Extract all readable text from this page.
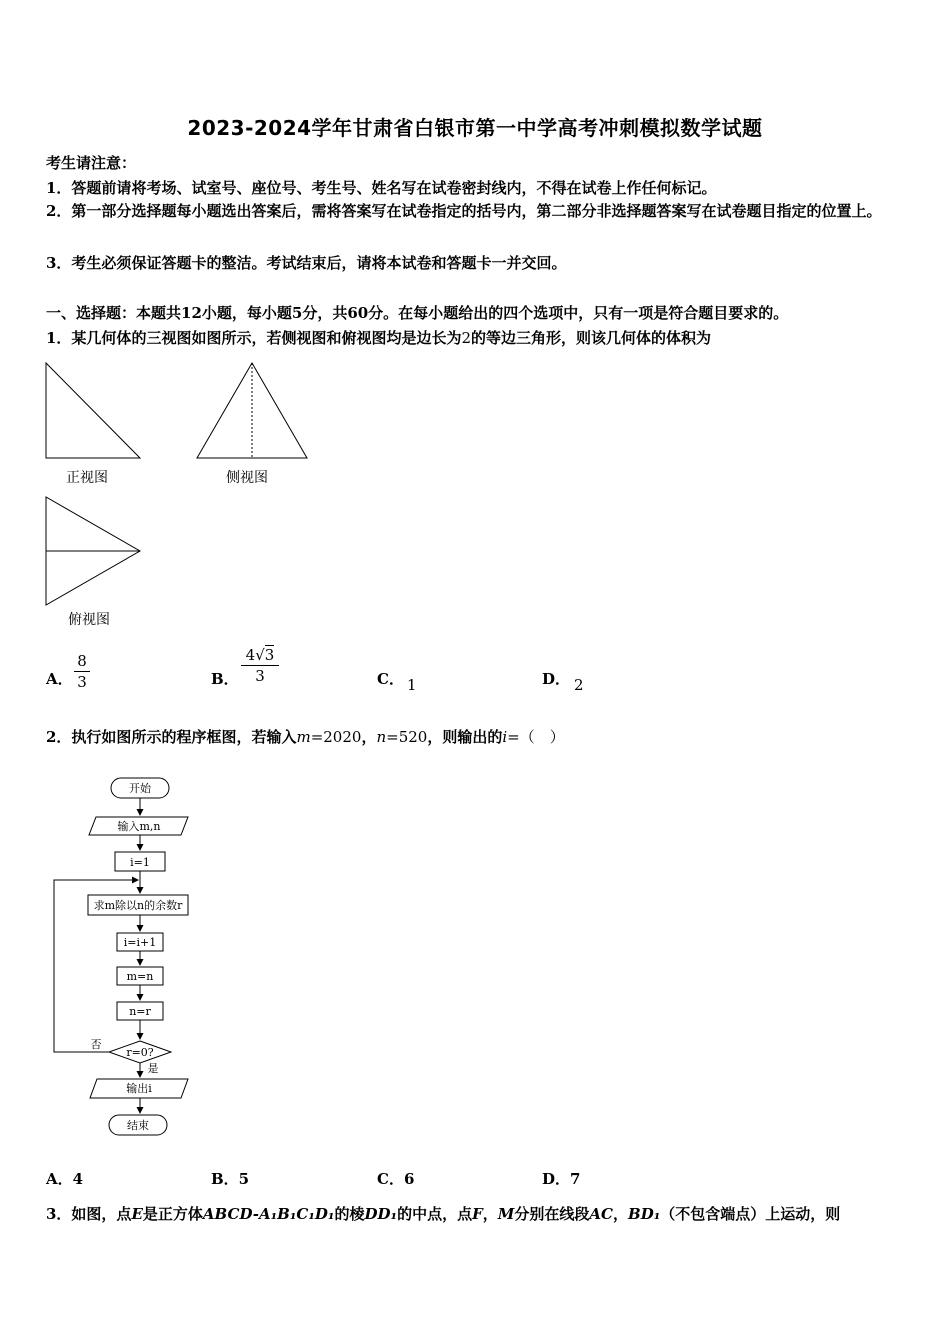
2023-2024学年甘肃省白银市第一中学高考冲刺模拟数学试题
考生请注意：
1．答题前请将考场、试室号、座位号、考生号、姓名写在试卷密封线内，不得在试卷上作任何标记。
2．第一部分选择题每小题选出答案后，需将答案写在试卷指定的括号内，第二部分非选择题答案写在试卷题目指定的位置上。
3．考生必须保证答题卡的整洁。考试结束后，请将本试卷和答题卡一并交回。
一、选择题：本题共12小题，每小题5分，共60分。在每小题给出的四个选项中，只有一项是符合题目要求的。
1．某几何体的三视图如图所示，若侧视图和俯视图均是边长为2的等边三角形，则该几何体的体积为
正视图	侧视图
俯视图
A．
8
3	B．
4√3
3	C． 1	D． 2
2．执行如图所示的程序框图，若输入m=2020，n=520，则输出的i=（　）
开始
输入m,n
i=1
求m除以n的余数r
i=i+1
m=n
n=r
r=0?
否
是
输出i
结束
A．4	B．5	C．6	D．7
3．如图，点E是正方体ABCD-A₁B₁C₁D₁的棱DD₁的中点，点F，M分别在线段AC，BD₁（不包含端点）上运动，则
